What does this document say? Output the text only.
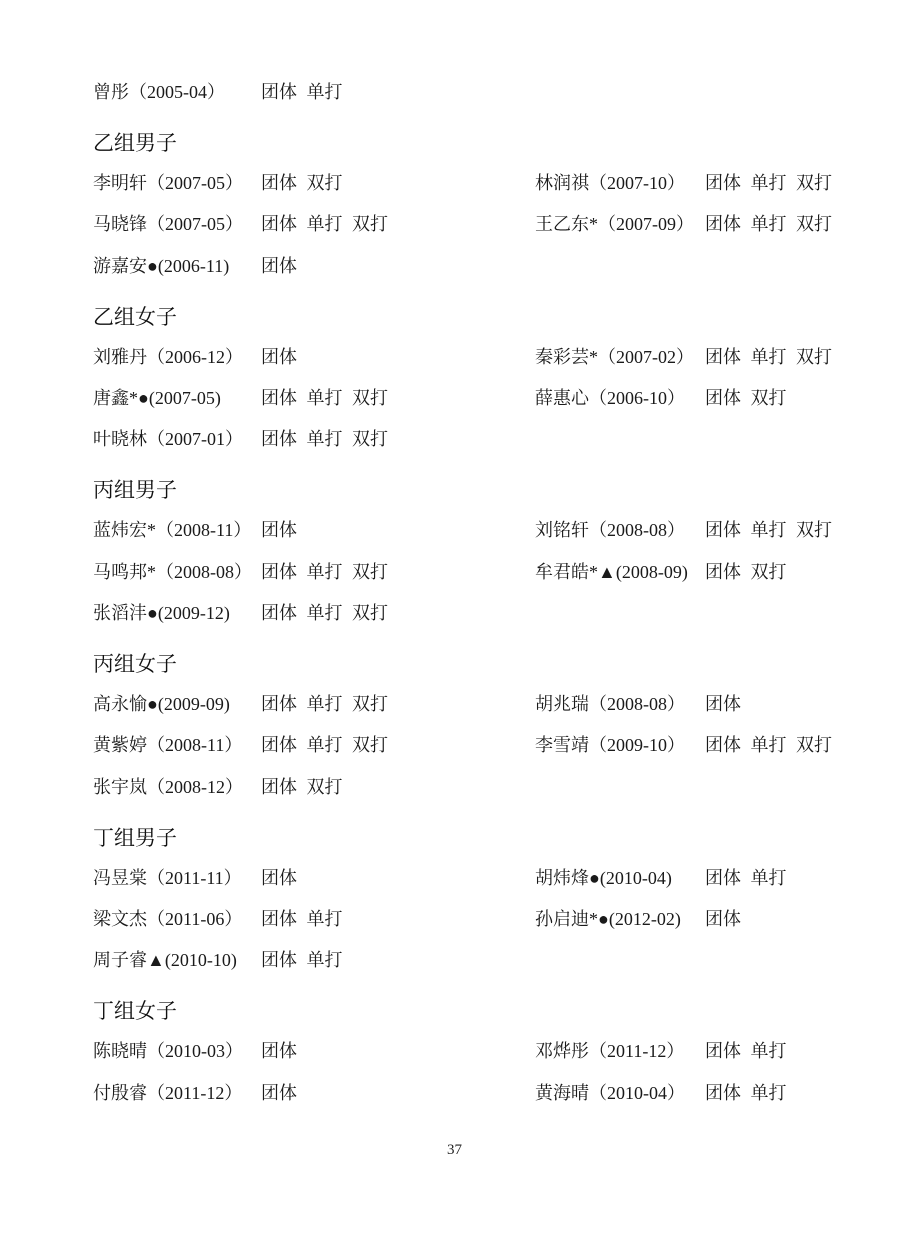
曾彤（2005-04）	团体 单打
乙组男子
李明轩（2007-05）	团体 双打	林润祺（2007-10）	团体 单打 双打
马晓锋（2007-05）	团体 单打 双打	王乙东*（2007-09） 团体 单打 双打
游嘉安●(2006-11)	团体
乙组女子
刘雅丹（2006-12）	团体	秦彩芸*（2007-02） 团体 单打 双打
唐鑫*●(2007-05)	团体 单打 双打	薛惠心（2006-10）	团体 双打
叶晓林（2007-01）	团体 单打 双打
丙组男子
蓝炜宏*（2008-11） 团体	刘铭轩（2008-08）	团体 单打 双打
马鸣邦*（2008-08） 团体 单打 双打	牟君皓*▲(2008-09) 团体 双打
张滔沣●(2009-12)	团体 单打 双打
丙组女子
高永愉●(2009-09)	团体 单打 双打	胡兆瑞（2008-08）	团体
黄紫婷（2008-11）	团体 单打 双打	李雪靖（2009-10）	团体 单打 双打
张宇岚（2008-12）	团体 双打
丁组男子
冯昱棠（2011-11）	团体	胡炜烽●(2010-04)	团体 单打
梁文杰（2011-06）	团体 单打	孙启迪*●(2012-02)	团体
周子睿▲(2010-10)	团体 单打
丁组女子
陈晓晴（2010-03）	团体	邓烨彤（2011-12）	团体 单打
付殷睿（2011-12）	团体	黄海晴（2010-04）	团体 单打
37
